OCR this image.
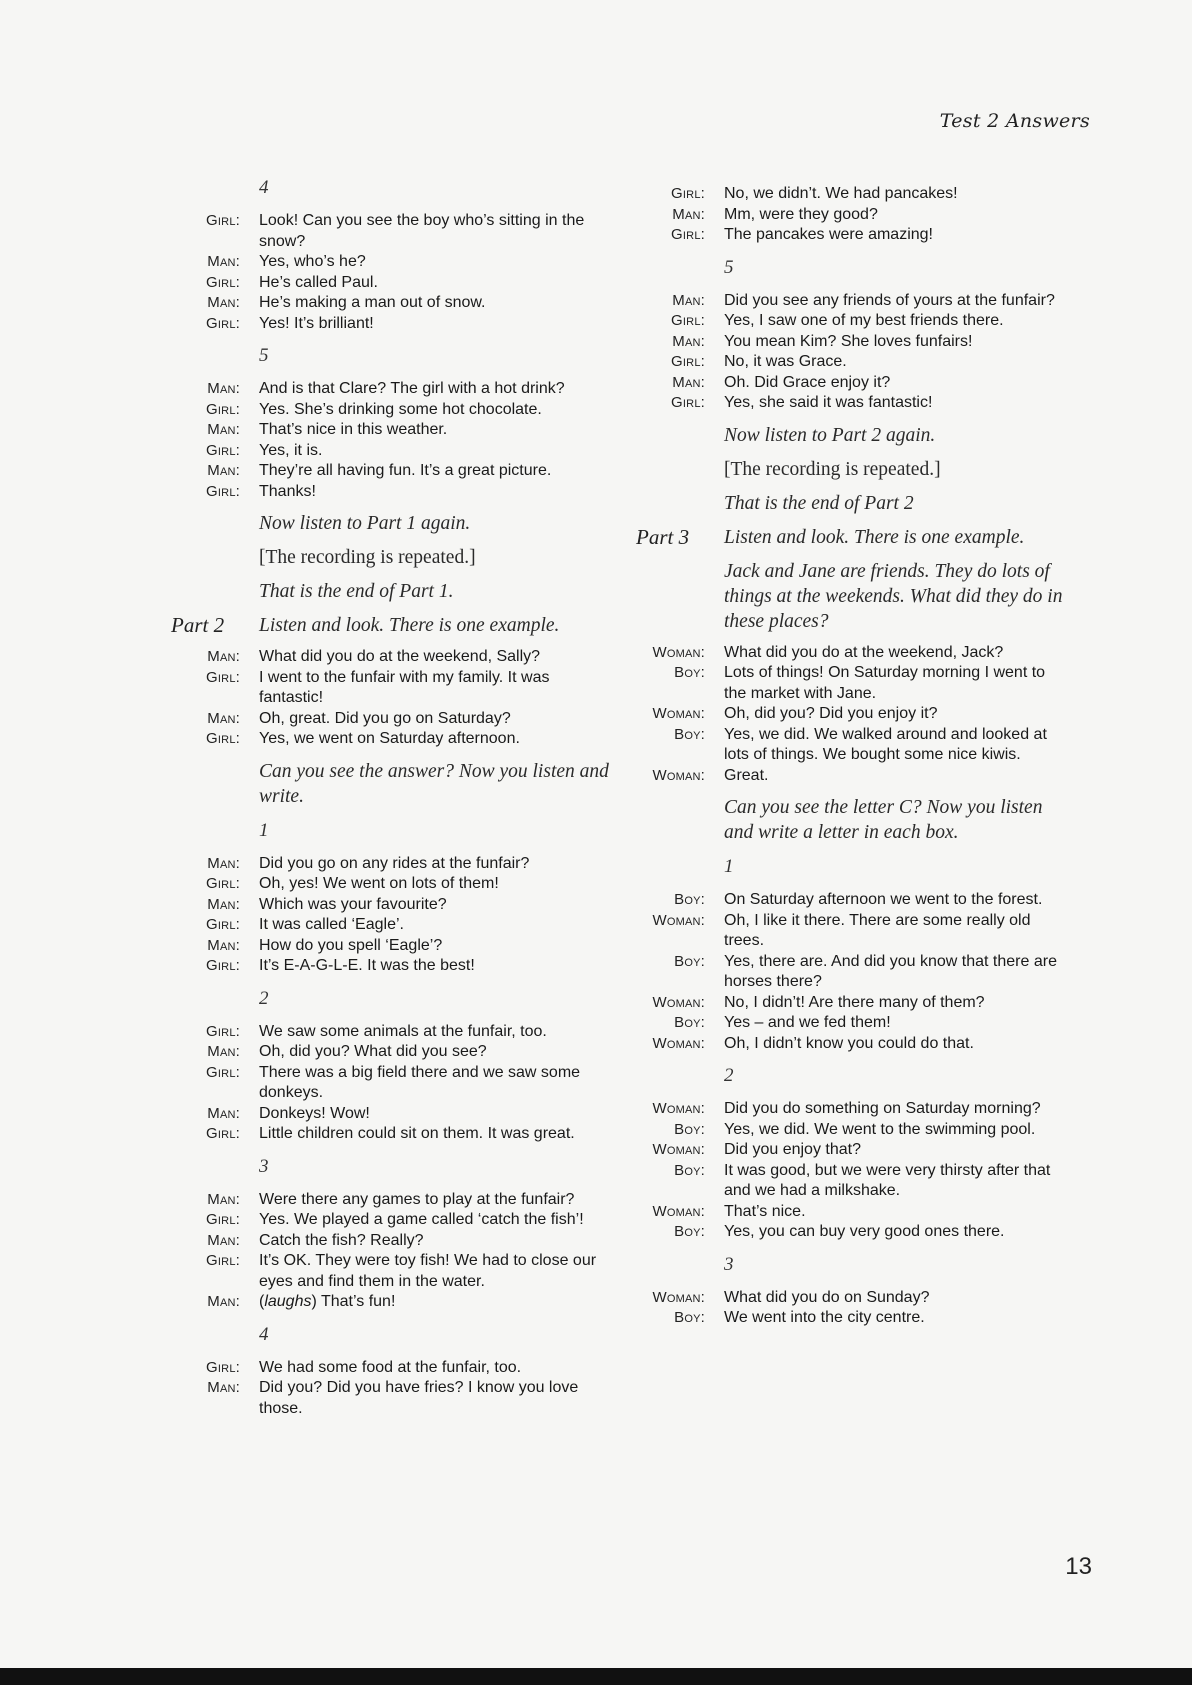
Test 2 Answers
4
Girl: Look! Can you see the boy who’s sitting in the snow?
Man: Yes, who’s he?
Girl: He’s called Paul.
Man: He’s making a man out of snow.
Girl: Yes! It’s brilliant!
5
Man: And is that Clare? The girl with a hot drink?
Girl: Yes. She’s drinking some hot chocolate.
Man: That’s nice in this weather.
Girl: Yes, it is.
Man: They’re all having fun. It’s a great picture.
Girl: Thanks!
Now listen to Part 1 again.
[The recording is repeated.]
That is the end of Part 1.
Part 2 Listen and look. There is one example.
Man: What did you do at the weekend, Sally?
Girl: I went to the funfair with my family. It was fantastic!
Man: Oh, great. Did you go on Saturday?
Girl: Yes, we went on Saturday afternoon.
Can you see the answer? Now you listen and write.
1
Man: Did you go on any rides at the funfair?
Girl: Oh, yes! We went on lots of them!
Man: Which was your favourite?
Girl: It was called ‘Eagle’.
Man: How do you spell ‘Eagle’?
Girl: It’s E-A-G-L-E. It was the best!
2
Girl: We saw some animals at the funfair, too.
Man: Oh, did you? What did you see?
Girl: There was a big field there and we saw some donkeys.
Man: Donkeys! Wow!
Girl: Little children could sit on them. It was great.
3
Man: Were there any games to play at the funfair?
Girl: Yes. We played a game called ‘catch the fish’!
Man: Catch the fish? Really?
Girl: It’s OK. They were toy fish! We had to close our eyes and find them in the water.
Man: (laughs) That’s fun!
4
Girl: We had some food at the funfair, too.
Man: Did you? Did you have fries? I know you love those.
Girl: No, we didn’t. We had pancakes!
Man: Mm, were they good?
Girl: The pancakes were amazing!
5
Man: Did you see any friends of yours at the funfair?
Girl: Yes, I saw one of my best friends there.
Man: You mean Kim? She loves funfairs!
Girl: No, it was Grace.
Man: Oh. Did Grace enjoy it?
Girl: Yes, she said it was fantastic!
Now listen to Part 2 again.
[The recording is repeated.]
That is the end of Part 2
Part 3 Listen and look. There is one example.
Jack and Jane are friends. They do lots of things at the weekends. What did they do in these places?
Woman: What did you do at the weekend, Jack?
Boy: Lots of things! On Saturday morning I went to the market with Jane.
Woman: Oh, did you? Did you enjoy it?
Boy: Yes, we did. We walked around and looked at lots of things. We bought some nice kiwis.
Woman: Great.
Can you see the letter C? Now you listen and write a letter in each box.
1
Boy: On Saturday afternoon we went to the forest.
Woman: Oh, I like it there. There are some really old trees.
Boy: Yes, there are. And did you know that there are horses there?
Woman: No, I didn’t! Are there many of them?
Boy: Yes – and we fed them!
Woman: Oh, I didn’t know you could do that.
2
Woman: Did you do something on Saturday morning?
Boy: Yes, we did. We went to the swimming pool.
Woman: Did you enjoy that?
Boy: It was good, but we were very thirsty after that and we had a milkshake.
Woman: That’s nice.
Boy: Yes, you can buy very good ones there.
3
Woman: What did you do on Sunday?
Boy: We went into the city centre.
13
